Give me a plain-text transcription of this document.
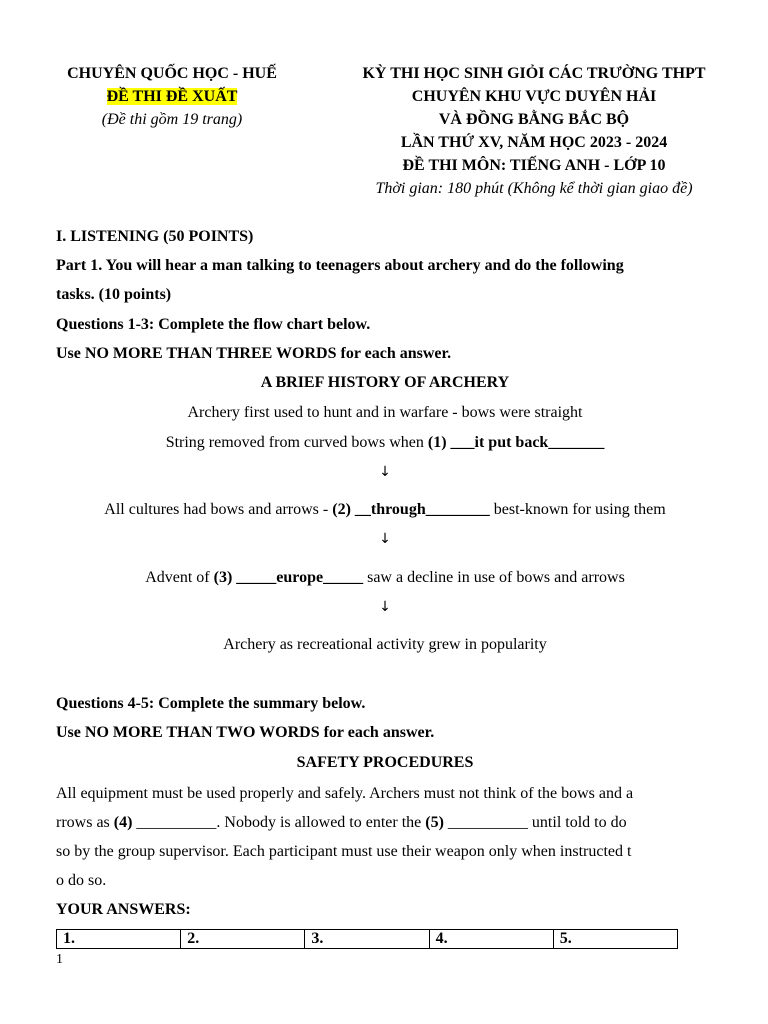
CHUYÊN QUỐC HỌC - HUẾ
ĐỀ THI ĐỀ XUẤT
(Đề thi gồm 19 trang)
KỲ THI HỌC SINH GIỎI CÁC TRƯỜNG THPT
CHUYÊN KHU VỰC DUYÊN HẢI
VÀ ĐỒNG BẰNG BẮC BỘ
LẦN THỨ XV, NĂM HỌC 2023 - 2024
ĐỀ THI MÔN: TIẾNG ANH - LỚP 10
Thời gian: 180 phút (Không kể thời gian giao đề)
I. LISTENING (50 POINTS)
Part 1. You will hear a man talking to teenagers about archery and do the following
tasks. (10 points)
Questions 1-3: Complete the flow chart below.
Use NO MORE THAN THREE WORDS for each answer.
A BRIEF HISTORY OF ARCHERY
Archery first used to hunt and in warfare - bows were straight
String removed from curved bows when (1) ___it put back_______
↓
All cultures had bows and arrows - (2) __through________ best-known for using them
↓
Advent of (3) _____europe_____ saw a decline in use of bows and arrows
↓
Archery as recreational activity grew in popularity
Questions 4-5: Complete the summary below.
Use NO MORE THAN TWO WORDS for each answer.
SAFETY PROCEDURES
All equipment must be used properly and safely. Archers must not think of the bows and a
rrows as (4) __________. Nobody is allowed to enter the (5) __________ until told to do
so by the group supervisor. Each participant must use their weapon only when instructed t
o do so.
YOUR ANSWERS:
1.	2.	3.	4.	5.
1
